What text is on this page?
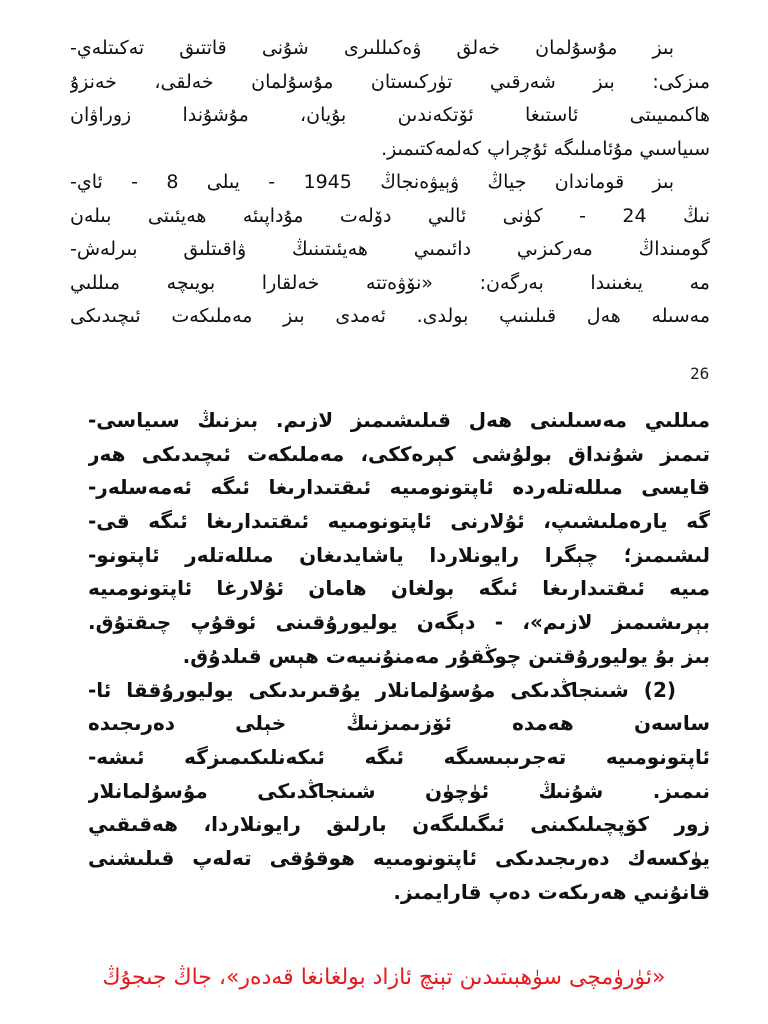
بىز مۇسۇلمان خەلق ۋەكىللىرى شۇنى قاتتىق تەكىتلەي-
مىزكى: بىز شەرقىي تۈركىستان مۇسۇلمان خەلقى، خەنزۇ
ھاكىمىيىتى ئاستىغا ئۆتكەندىن بۇيان، مۇشۇندا زوراۋان
سىياسىي مۇئامىلىگە ئۇچراپ كەلمەكتىمىز.
بىز قوماندان جياڭ ۋېيۋەنجاڭ 1945 - يىلى 8 - ئاي-
نىڭ 24 - كۈنى ئالىي دۆلەت مۇداپىئە ھەيئىتى بىلەن
گومىنداڭ مەركىزىي دائىمىي ھەيئىتىنىڭ ۋاقىتلىق بىرلەش-
مە يىغىنىدا بەرگەن: «نۆۋەتتە خەلقارا بويىچە مىللىي
مەسىلە ھەل قىلىنىپ بولدى. ئەمدى بىز مەملىكەت ئىچىدىكى
26
مىللىي مەسىلىنى ھەل قىلىشىمىز لازىم. بىزنىڭ سىياسى-
تىمىز شۇنداق بولۇشى كېرەككى، مەملىكەت ئىچىدىكى ھەر
قايسى مىللەتلەردە ئاپتونومىيە ئىقتىدارىغا ئىگە ئەمەسلەر-
گە يارەملىشىپ، ئۇلارنى ئاپتونومىيە ئىقتىدارىغا ئىگە قى-
لىشىمىز؛ چېگرا رايونلاردا ياشايدىغان مىللەتلەر ئاپتونو-
مىيە ئىقتىدارىغا ئىگە بولغان ھامان ئۇلارغا ئاپتونومىيە
بېرىشىمىز لازىم»، - دېگەن يوليورۇقىنى ئوقۇپ چىقتۇق.
بىز بۇ يوليورۇقتىن چوڭقۇر مەمنۇنىيەت ھېس قىلدۇق.
(2) شىنجاڭدىكى مۇسۇلمانلار يۇقىرىدىكى يوليورۇققا ئا-
ساسەن ھەمدە ئۆزىمىزنىڭ خېلى دەرىجىدە
ئاپتونومىيە تەجرىبىسىگە ئىگە ئىكەنلىكىمىزگە ئىشە-
نىمىز. شۇنىڭ ئۈچۈن شىنجاڭدىكى مۇسۇلمانلار
زور كۆپچىلىكىنى ئىگىلىگەن بارلىق رايونلاردا، ھەقىقىي
يۈكسەك دەرىجىدىكى ئاپتونومىيە ھوقۇقى تەلەپ قىلىشنى
قانۇنىي ھەرىكەت دەپ قارايمىز.
«ئۈرۈمچى سۈھبىتىدىن تېنچ ئازاد بولغانغا قەدەر»، جاڭ جىجۇڭ
